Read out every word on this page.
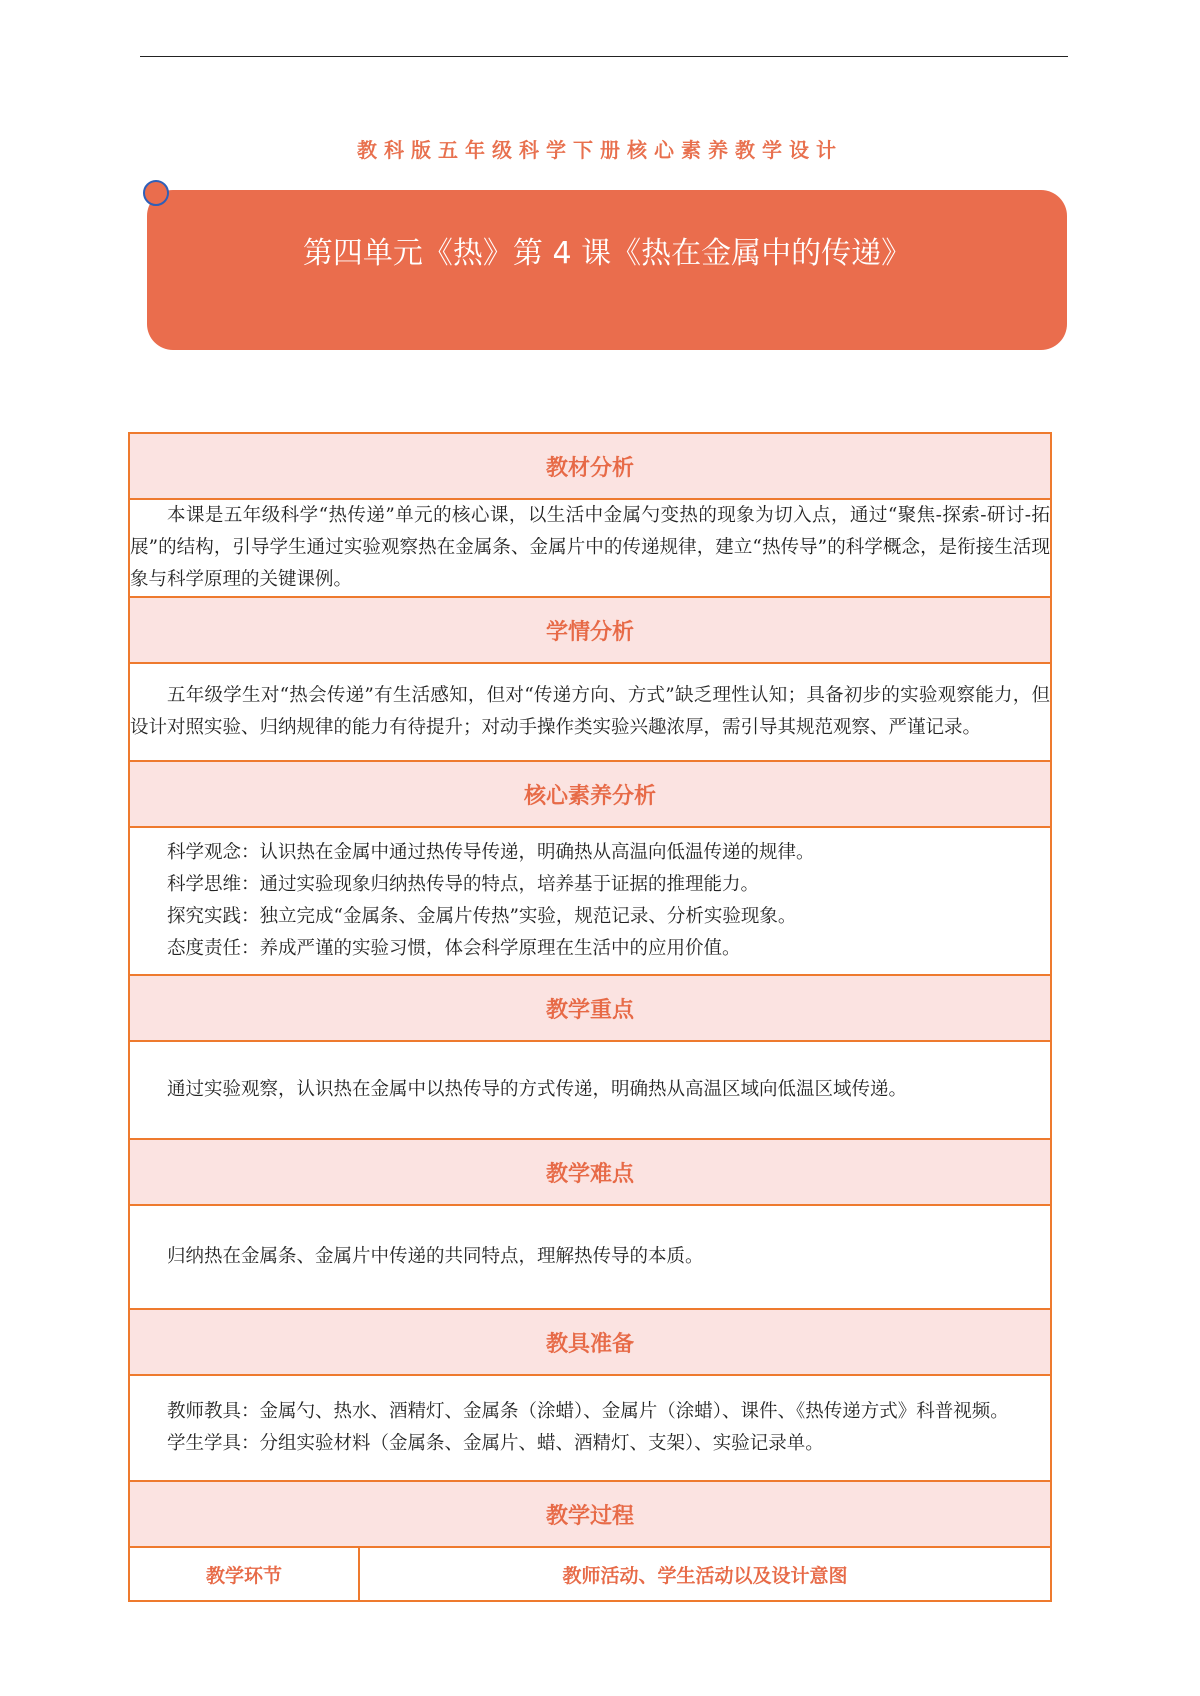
教科版五年级科学下册核心素养教学设计
第四单元《热》第 4 课《热在金属中的传递》
教材分析

本课是五年级科学“热传递”单元的核心课，以生活中金属勺变热的现象为切入点，通过“聚焦-探索-研讨-拓展”的结构，引导学生通过实验观察热在金属条、金属片中的传递规律，建立“热传导”的科学概念，是衔接生活现象与科学原理的关键课例。

学情分析

五年级学生对“热会传递”有生活感知，但对“传递方向、方式”缺乏理性认知；具备初步的实验观察能力，但设计对照实验、归纳规律的能力有待提升；对动手操作类实验兴趣浓厚，需引导其规范观察、严谨记录。

核心素养分析

科学观念：认识热在金属中通过热传导传递，明确热从高温向低温传递的规律。

科学思维：通过实验现象归纳热传导的特点，培养基于证据的推理能力。

探究实践：独立完成“金属条、金属片传热”实验，规范记录、分析实验现象。

态度责任：养成严谨的实验习惯，体会科学原理在生活中的应用价值。

教学重点

通过实验观察，认识热在金属中以热传导的方式传递，明确热从高温区域向低温区域传递。

教学难点

归纳热在金属条、金属片中传递的共同特点，理解热传导的本质。

教具准备

教师教具：金属勺、热水、酒精灯、金属条（涂蜡）、金属片（涂蜡）、课件、《热传递方式》科普视频。

学生学具：分组实验材料（金属条、金属片、蜡、酒精灯、支架）、实验记录单。

教学过程
教学环节	教师活动、学生活动以及设计意图
